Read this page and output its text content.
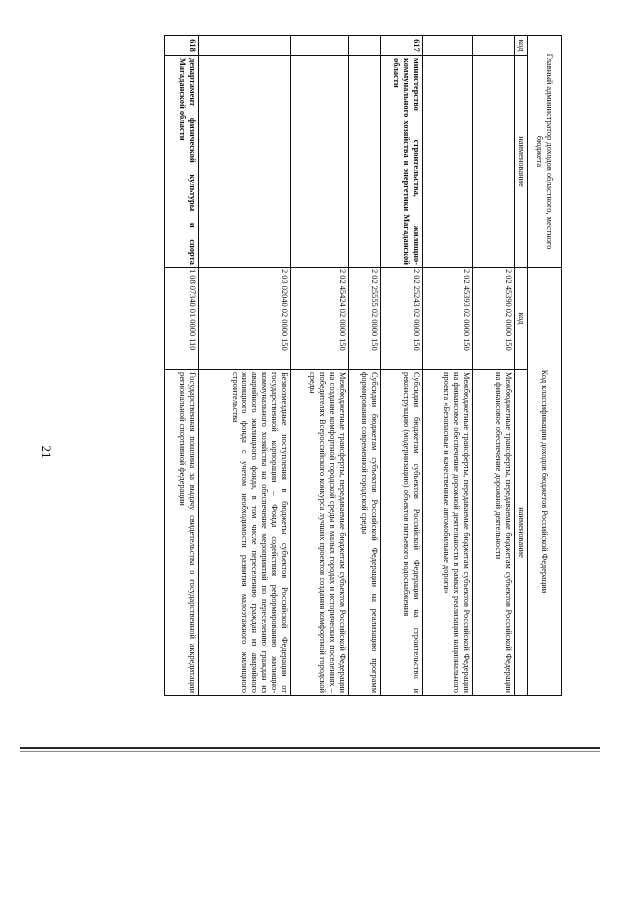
21
Главный администратор доходов областного, местного бюджета		Код классификации доходов бюджетов Российской Федерации	
код	наименование	код	наименование
		2 02 45390 02 0000 150	Межбюджетные трансферты, передаваемые бюджетам субъектов Российской Федерации на финансовое обеспечение дорожной деятельности
		2 02 45393 02 0000 150	Межбюджетные трансферты, передаваемые бюджетам субъектов Российской Федерации на финансовое обеспечение дорожной деятельности в рамках реализации национального проекта «Безопасные и качественные автомобильные дороги»
617	министерство строительства, жилищно-коммунального хозяйства и энергетики Магаданской области	2 02 25243 02 0000 150	Субсидии бюджетам субъектов Российской Федерации на строительство и реконструкцию (модернизацию) объектов питьевого водоснабжения
		2 02 25555 02 0000 150	Субсидии бюджетам субъектов Российской Федерации на реализацию программ формирования современной городской среды
		2 02 45424 02 0000 150	Межбюджетные трансферты, передаваемые бюджетам субъектов Российской Федерации на создание комфортной городской среды в малых городах и исторических поселениях – победителях Всероссийского конкурса лучших проектов создания комфортной городской среды
		2 03 02040 02 0000 150	Безвозмездные поступления в бюджеты субъектов Российской Федерации от государственной корпорации – Фонда содействия реформированию жилищно-коммунального хозяйства на обеспечение мероприятий по переселению граждан из аварийного жилищного фонда, в том числе переселению граждан из аварийного жилищного фонда с учетом необходимости развития малоэтажного жилищного строительства
618	департамент физической культуры и спорта Магаданской области	1 08 07340 01 0000 110	Государственная пошлина за выдачу свидетельства о государственной аккредитации региональной спортивной федерации
